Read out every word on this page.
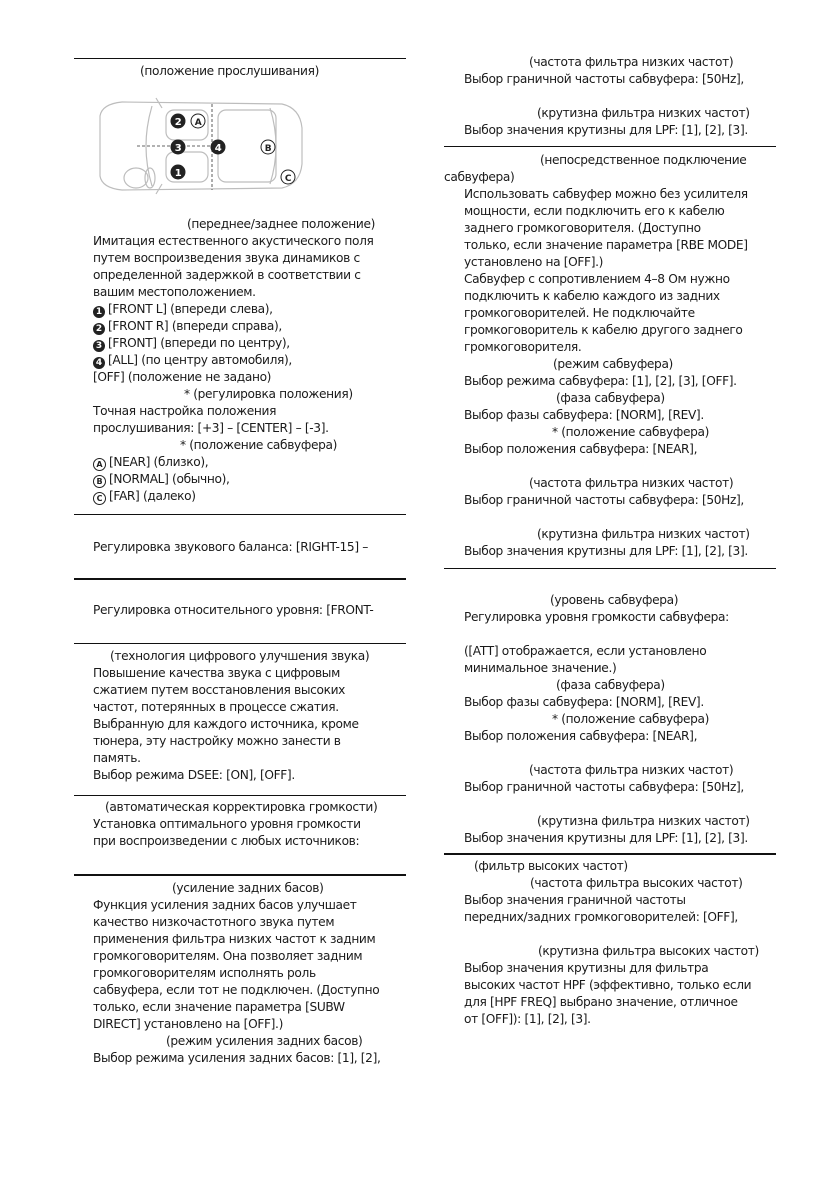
(положение прослушивания)
2
3
1
4
A
B
C
(переднее/заднее положение)
Имитация естественного акустического поля
путем воспроизведения звука динамиков с
определенной задержкой в соответствии с
вашим местоположением.
1 [FRONT L] (впереди слева),
2 [FRONT R] (впереди справа),
3 [FRONT] (впереди по центру),
4 [ALL] (по центру автомобиля),
[OFF] (положение не задано)
* (регулировка положения)
Точная настройка положения
прослушивания: [+3] – [CENTER] – [-3].
* (положение сабвуфера)
A [NEAR] (близко),
B [NORMAL] (обычно),
C [FAR] (далеко)
Регулировка звукового баланса: [RIGHT-15] –
Регулировка относительного уровня: [FRONT-
(технология цифрового улучшения звука)
Повышение качества звука с цифровым
сжатием путем восстановления высоких
частот, потерянных в процессе сжатия.
Выбранную для каждого источника, кроме
тюнера, эту настройку можно занести в
память.
Выбор режима DSEE: [ON], [OFF].
(автоматическая корректировка громкости)
Установка оптимального уровня громкости
при воспроизведении с любых источников:
(усиление задних басов)
Функция усиления задних басов улучшает
качество низкочастотного звука путем
применения фильтра низких частот к задним
громкоговорителям. Она позволяет задним
громкоговорителям исполнять роль
сабвуфера, если тот не подключен. (Доступно
только, если значение параметра [SUBW
DIRECT] установлено на [OFF].)
(режим усиления задних басов)
Выбор режима усиления задних басов: [1], [2],
(частота фильтра низких частот)
Выбор граничной частоты сабвуфера: [50Hz],
(крутизна фильтра низких частот)
Выбор значения крутизны для LPF: [1], [2], [3].
(непосредственное подключение
сабвуфера)
Использовать сабвуфер можно без усилителя
мощности, если подключить его к кабелю
заднего громкоговорителя. (Доступно
только, если значение параметра [RBE MODE]
установлено на [OFF].)
Сабвуфер с сопротивлением 4–8 Ом нужно
подключить к кабелю каждого из задних
громкоговорителей. Не подключайте
громкоговоритель к кабелю другого заднего
громкоговорителя.
(режим сабвуфера)
Выбор режима сабвуфера: [1], [2], [3], [OFF].
(фаза сабвуфера)
Выбор фазы сабвуфера: [NORM], [REV].
* (положение сабвуфера)
Выбор положения сабвуфера: [NEAR],
(частота фильтра низких частот)
Выбор граничной частоты сабвуфера: [50Hz],
(крутизна фильтра низких частот)
Выбор значения крутизны для LPF: [1], [2], [3].
(уровень сабвуфера)
Регулировка уровня громкости сабвуфера:
([ATT] отображается, если установлено
минимальное значение.)
(фаза сабвуфера)
Выбор фазы сабвуфера: [NORM], [REV].
* (положение сабвуфера)
Выбор положения сабвуфера: [NEAR],
(частота фильтра низких частот)
Выбор граничной частоты сабвуфера: [50Hz],
(крутизна фильтра низких частот)
Выбор значения крутизны для LPF: [1], [2], [3].
(фильтр высоких частот)
(частота фильтра высоких частот)
Выбор значения граничной частоты
передних/задних громкоговорителей: [OFF],
(крутизна фильтра высоких частот)
Выбор значения крутизны для фильтра
высоких частот HPF (эффективно, только если
для [HPF FREQ] выбрано значение, отличное
от [OFF]): [1], [2], [3].
